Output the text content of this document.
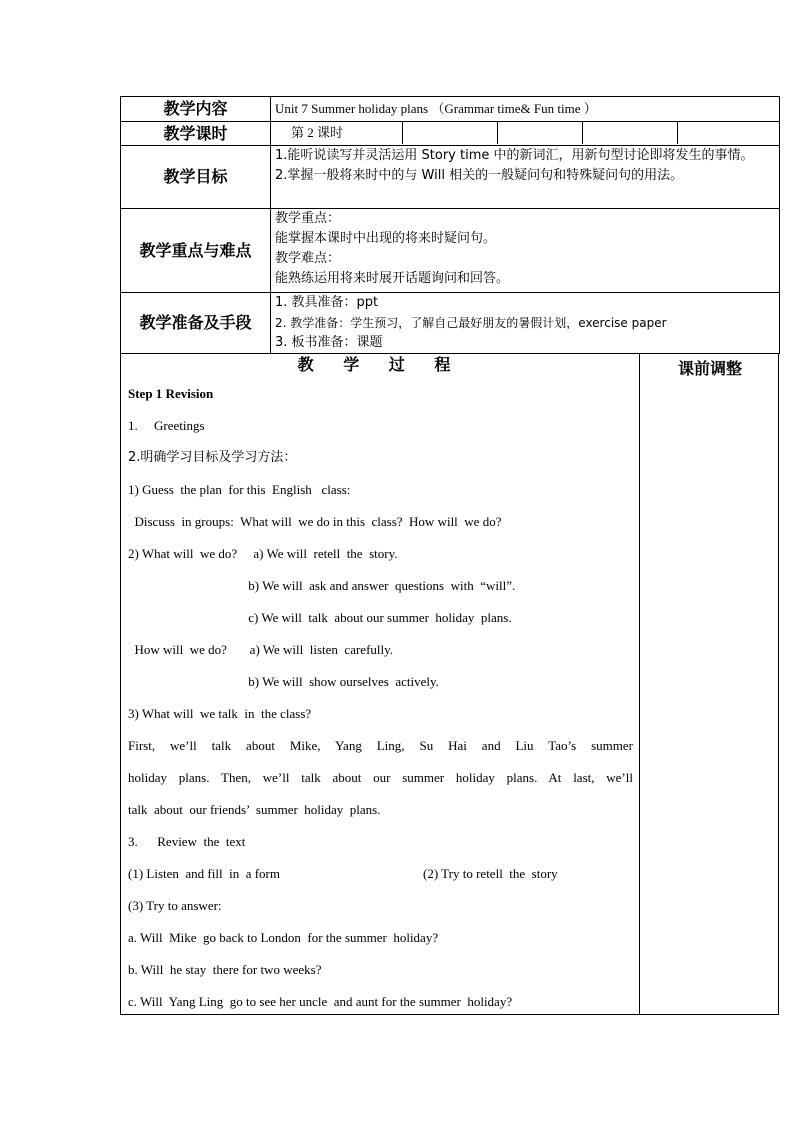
教学内容	Unit 7 Summer holiday plans （Grammar time& Fun time ）

教学课时	第 2 课时

教学目标	1.能听说读写并灵活运用 Story time 中的新词汇，用新句型讨论即将发生的事情。
2.掌握一般将来时中的与 Will 相关的一般疑问句和特殊疑问句的用法。

教学重点与难点	教学重点：
能掌握本课时中出现的将来时疑问句。
教学难点：
能熟练运用将来时展开话题询问和回答。

教学准备及手段	1. 教具准备：ppt
2. 教学准备：学生预习，了解自己最好朋友的暑假计划，exercise paper
3. 板书准备：课题
教 学 过 程	课前调整
Step 1 Revision
1.     Greetings
2.明确学习目标及学习方法：
1) Guess  the plan  for this  English   class:
Discuss  in groups:  What will  we do in this  class?  How will  we do?
2) What will  we do?     a) We will  retell  the  story.
b) We will  ask and answer  questions  with  “will”.
c) We will  talk  about our summer  holiday  plans.
How will  we do?       a) We will  listen  carefully.
b) We will  show ourselves  actively.
3) What will  we talk  in  the class?
First, we’ll talk about Mike, Yang Ling, Su Hai and Liu Tao’s summer
holiday plans. Then, we’ll talk about our summer holiday plans. At last, we’ll
talk  about  our friends’  summer  holiday  plans.
3.      Review  the  text
(1) Listen  and fill  in  a form	(2) Try to retell  the  story
(3) Try to answer:
a. Will  Mike  go back to London  for the summer  holiday?
b. Will  he stay  there for two weeks?
c. Will  Yang Ling  go to see her uncle  and aunt for the summer  holiday?
